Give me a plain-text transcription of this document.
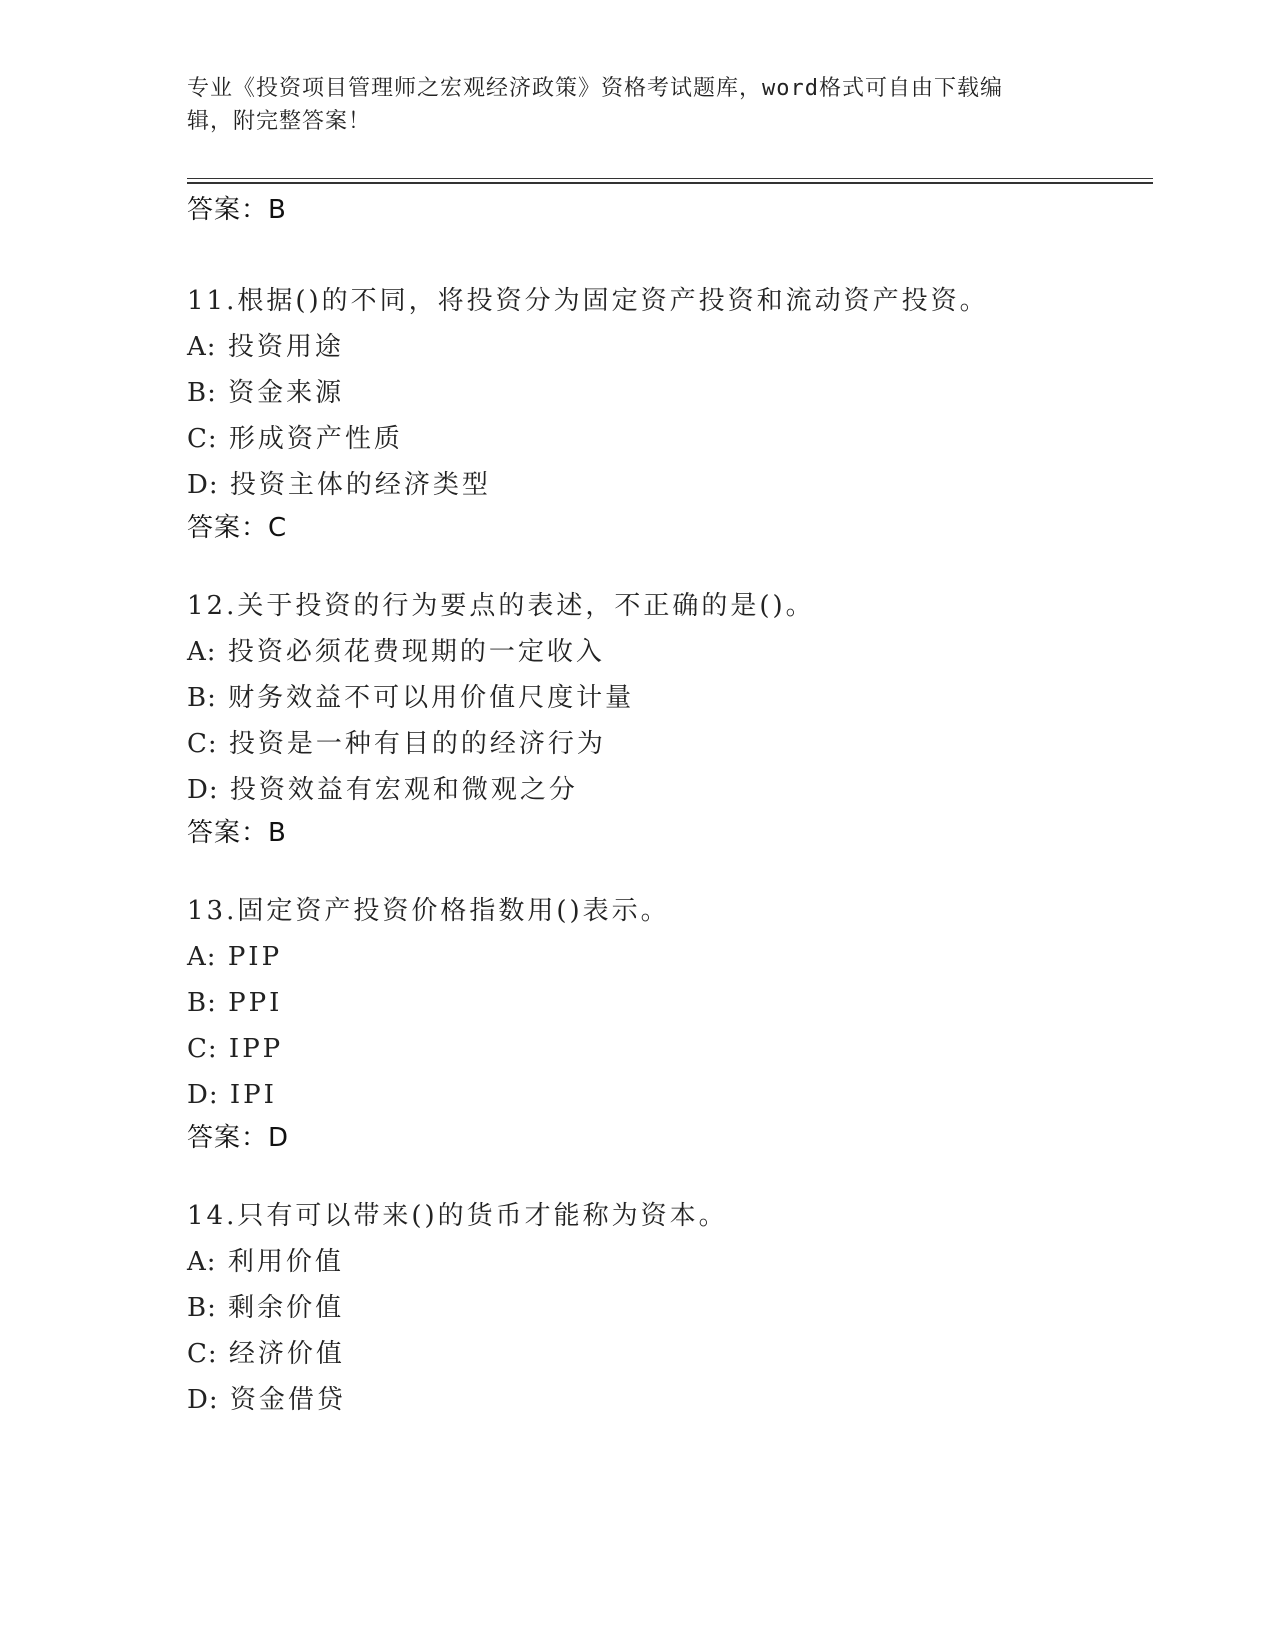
专业《投资项目管理师之宏观经济政策》资格考试题库，word格式可自由下载编
辑，附完整答案！
答案：B
11.根据()的不同，将投资分为固定资产投资和流动资产投资。
A: 投资用途
B: 资金来源
C: 形成资产性质
D: 投资主体的经济类型
答案：C
12.关于投资的行为要点的表述，不正确的是()。
A: 投资必须花费现期的一定收入
B: 财务效益不可以用价值尺度计量
C: 投资是一种有目的的经济行为
D: 投资效益有宏观和微观之分
答案：B
13.固定资产投资价格指数用()表示。
A: PIP
B: PPI
C: IPP
D: IPI
答案：D
14.只有可以带来()的货币才能称为资本。
A: 利用价值
B: 剩余价值
C: 经济价值
D: 资金借贷
